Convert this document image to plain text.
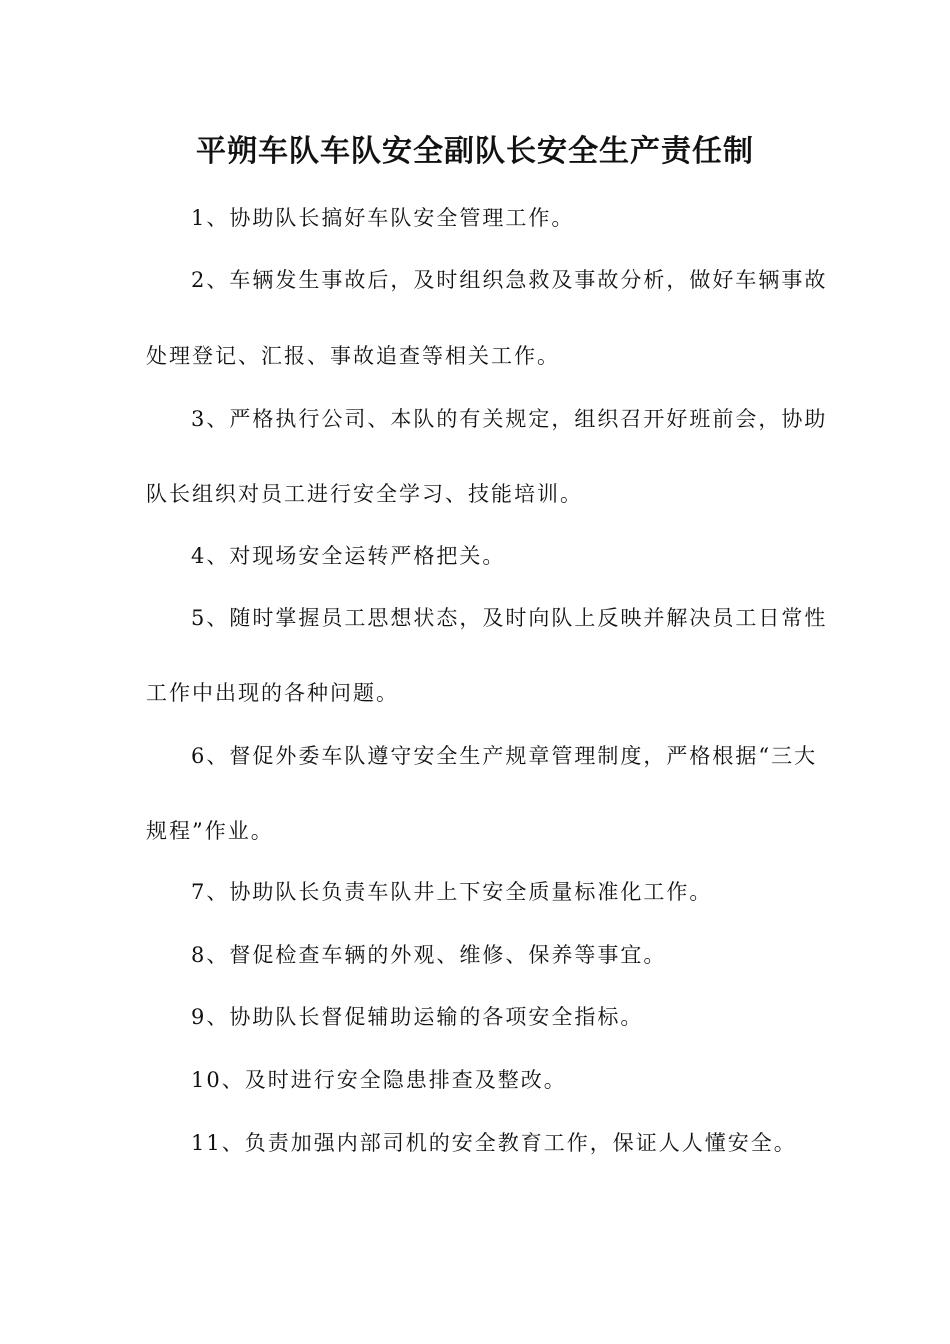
平朔车队车队安全副队长安全生产责任制
1、协助队长搞好车队安全管理工作。
2、车辆发生事故后，及时组织急救及事故分析，做好车辆事故
处理登记、汇报、事故追查等相关工作。
3、严格执行公司、本队的有关规定，组织召开好班前会，协助
队长组织对员工进行安全学习、技能培训。
4、对现场安全运转严格把关。
5、随时掌握员工思想状态，及时向队上反映并解决员工日常性
工作中出现的各种问题。
6、督促外委车队遵守安全生产规章管理制度，严格根据“三大
规程”作业。
7、协助队长负责车队井上下安全质量标准化工作。
8、督促检查车辆的外观、维修、保养等事宜。
9、协助队长督促辅助运输的各项安全指标。
10、及时进行安全隐患排查及整改。
11、负责加强内部司机的安全教育工作，保证人人懂安全。
